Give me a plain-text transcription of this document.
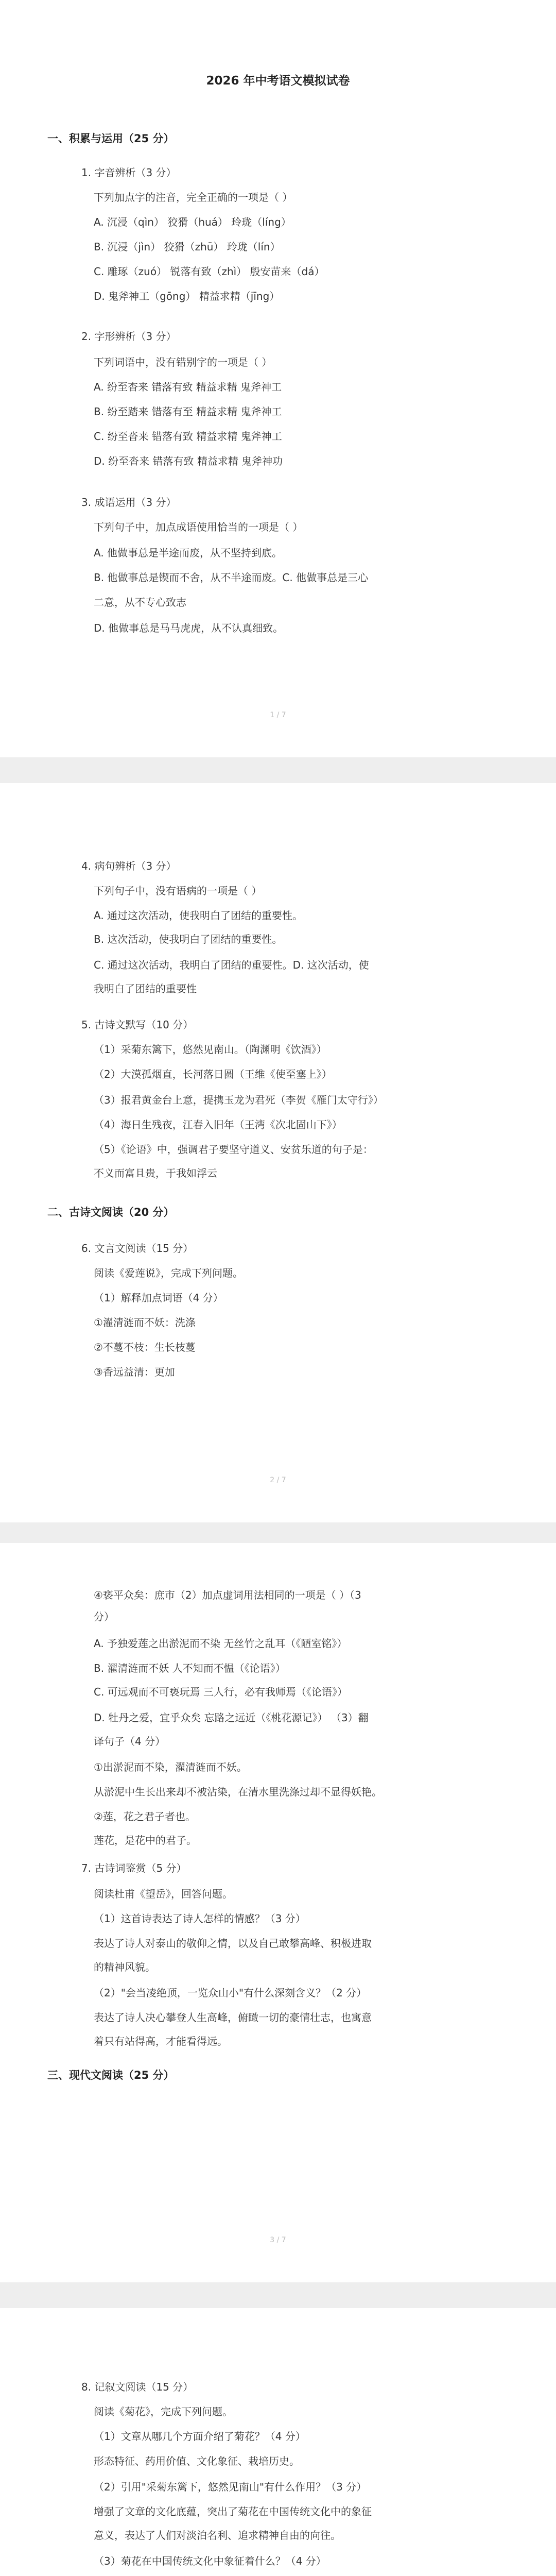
2026 年中考语文模拟试卷
1 / 7
一、积累与运用（25 分）
1. 字音辨析（3 分）
下列加点字的注音，完全正确的一项是（ ）
A. 沉浸（qìn） 狡猾（huá） 玲珑（líng）
B. 沉浸（jìn） 狡猾（zhū） 玲珑（lín）
C. 雕琢（zuó） 锐落有致（zhì） 殷安苗来（dá）
D. 鬼斧神工（gōng） 精益求精（jīng）
2. 字形辨析（3 分）
下列词语中，没有错别字的一项是（ ）
A. 纷至杳来 错落有致 精益求精 鬼斧神工
B. 纷至踏来 错落有至 精益求精 鬼斧神工
C. 纷至沓来 错落有致 精益求精 鬼斧神工
D. 纷至沓来 错落有致 精益求精 鬼斧神功
3. 成语运用（3 分）
下列句子中，加点成语使用恰当的一项是（ ）
A. 他做事总是半途而废，从不坚持到底。
B. 他做事总是锲而不舍，从不半途而废。C. 他做事总是三心
二意，从不专心致志
D. 他做事总是马马虎虎，从不认真细致。
2 / 7
4. 病句辨析（3 分）
下列句子中，没有语病的一项是（ ）
A. 通过这次活动，使我明白了团结的重要性。
B. 这次活动，使我明白了团结的重要性。
C. 通过这次活动，我明白了团结的重要性。D. 这次活动，使
我明白了团结的重要性
5. 古诗文默写（10 分）
（1）采菊东篱下，悠然见南山。（陶渊明《饮酒》）
（2）大漠孤烟直，长河落日圆（王维《使至塞上》）
（3）报君黄金台上意，提携玉龙为君死（李贺《雁门太守行》）
（4）海日生残夜，江春入旧年（王湾《次北固山下》）
（5）《论语》中，强调君子要坚守道义、安贫乐道的句子是：
不义而富且贵，于我如浮云
二、古诗文阅读（20 分）
6. 文言文阅读（15 分）
阅读《爱莲说》，完成下列问题。
（1）解释加点词语（4 分）
①濯清涟而不妖：洗涤
②不蔓不枝：生长枝蔓
③香远益清：更加
3 / 7
④亵平众矣：庶市（2）加点虚词用法相同的一项是（ ）（3
分）
A. 予独爱莲之出淤泥而不染 无丝竹之乱耳（《陋室铭》）
B. 濯清涟而不妖 人不知而不愠（《论语》）
C. 可远观而不可亵玩焉 三人行，必有我师焉（《论语》）
D. 牡丹之爱，宜乎众矣 忘路之远近（《桃花源记》） （3）翻
译句子（4 分）
①出淤泥而不染，濯清涟而不妖。
从淤泥中生长出来却不被沾染，在清水里洗涤过却不显得妖艳。
②莲，花之君子者也。
莲花，是花中的君子。
7. 古诗词鉴赏（5 分）
阅读杜甫《望岳》，回答问题。
（1）这首诗表达了诗人怎样的情感？（3 分）
表达了诗人对泰山的敬仰之情，以及自己敢攀高峰、积极进取
的精神风貌。
（2）"会当凌绝顶，一览众山小"有什么深刻含义？（2 分）
表达了诗人决心攀登人生高峰，俯瞰一切的豪情壮志，也寓意
着只有站得高，才能看得远。
三、现代文阅读（25 分）
8. 记叙文阅读（15 分）
阅读《菊花》，完成下列问题。
（1）文章从哪几个方面介绍了菊花？（4 分）
形态特征、药用价值、文化象征、栽培历史。
（2）引用"采菊东篱下，悠然见南山"有什么作用？（3 分）
增强了文章的文化底蕴，突出了菊花在中国传统文化中的象征
意义，表达了人们对淡泊名利、追求精神自由的向往。
（3）菊花在中国传统文化中象征着什么？（4 分）
